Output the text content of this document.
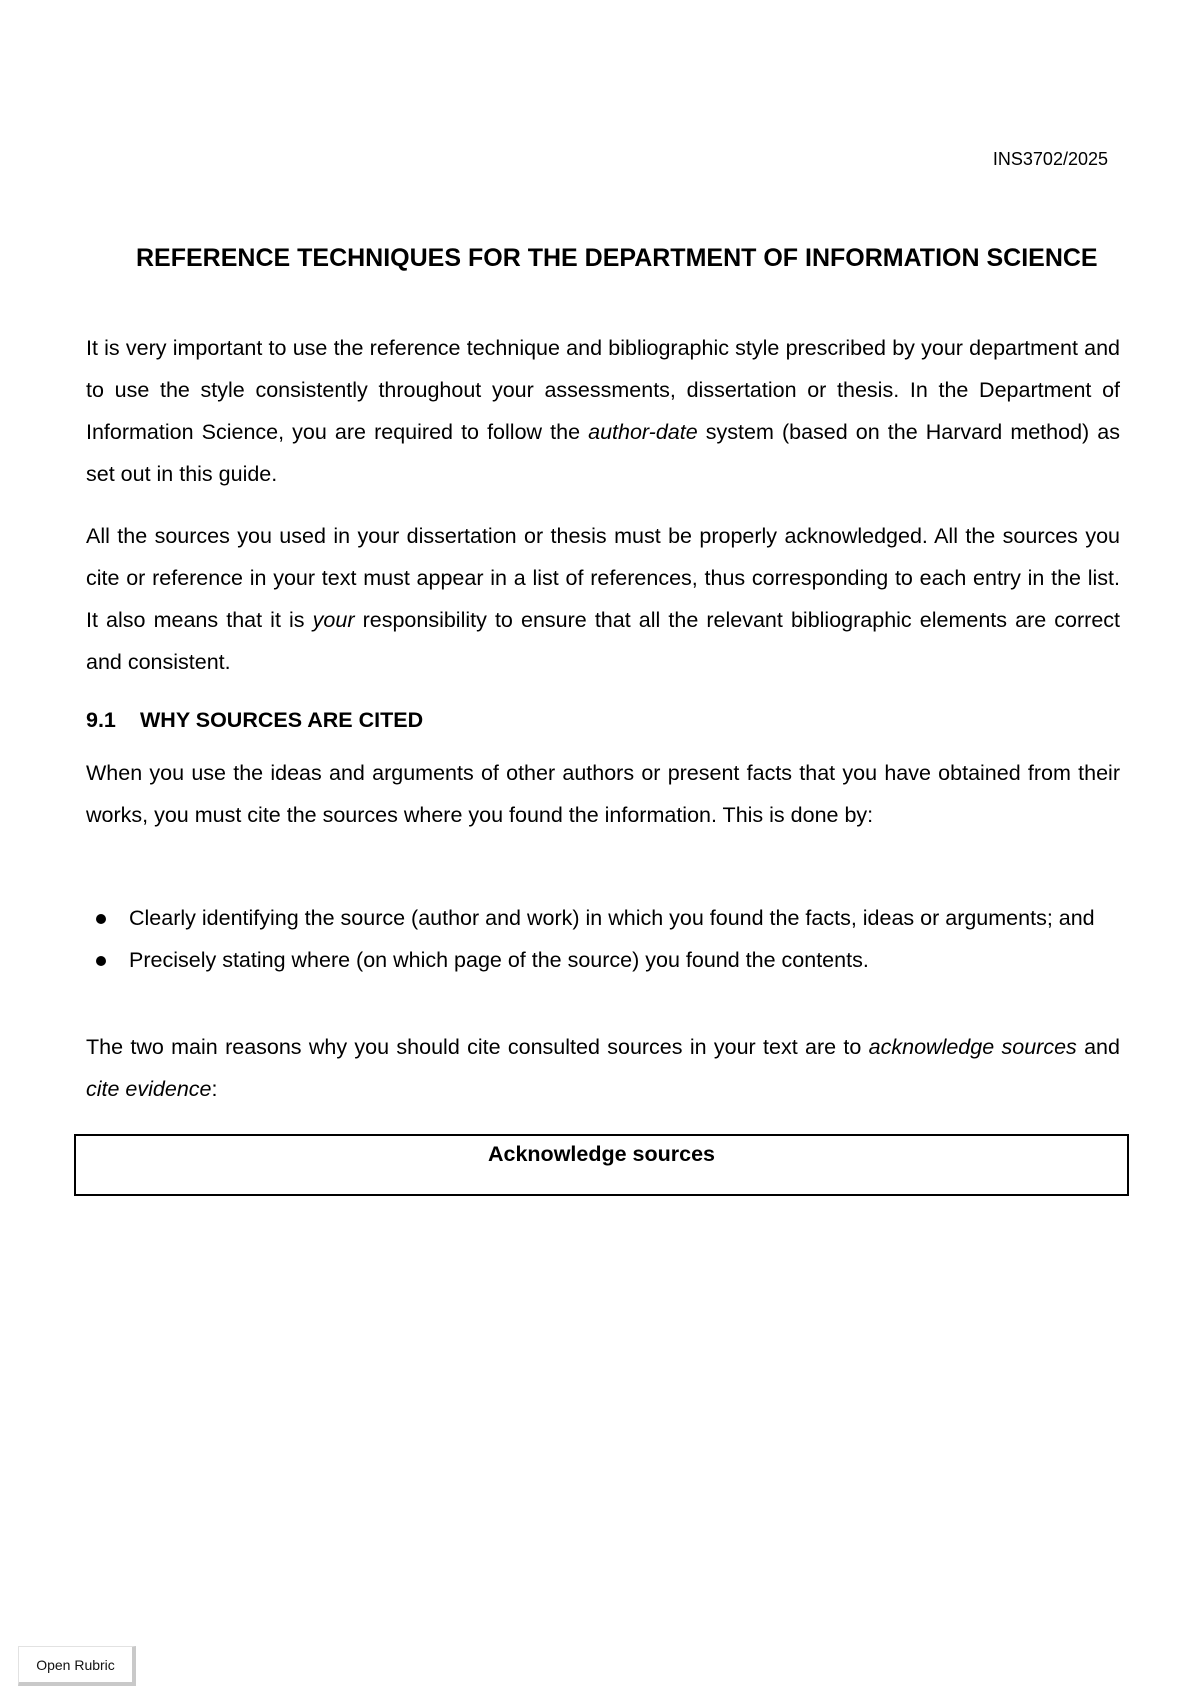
INS3702/2025
REFERENCE TECHNIQUES FOR THE DEPARTMENT OF INFORMATION SCIENCE

It is very important to use the reference technique and bibliographic style prescribed by your department and to use the style consistently throughout your assessments, dissertation or thesis. In the Department of Information Science, you are required to follow the author-date system (based on the Harvard method) as set out in this guide.

All the sources you used in your dissertation or thesis must be properly acknowledged. All the sources you cite or reference in your text must appear in a list of references, thus corresponding to each entry in the list. It also means that it is your responsibility to ensure that all the relevant bibliographic elements are correct and consistent.

9.1 WHY SOURCES ARE CITED

When you use the ideas and arguments of other authors or present facts that you have obtained from their works, you must cite the sources where you found the information. This is done by:

Clearly identifying the source (author and work) in which you found the facts, ideas or arguments; and
Precisely stating where (on which page of the source) you found the contents.

The two main reasons why you should cite consulted sources in your text are to acknowledge sources and cite evidence:

Acknowledge sources
Open Rubric
